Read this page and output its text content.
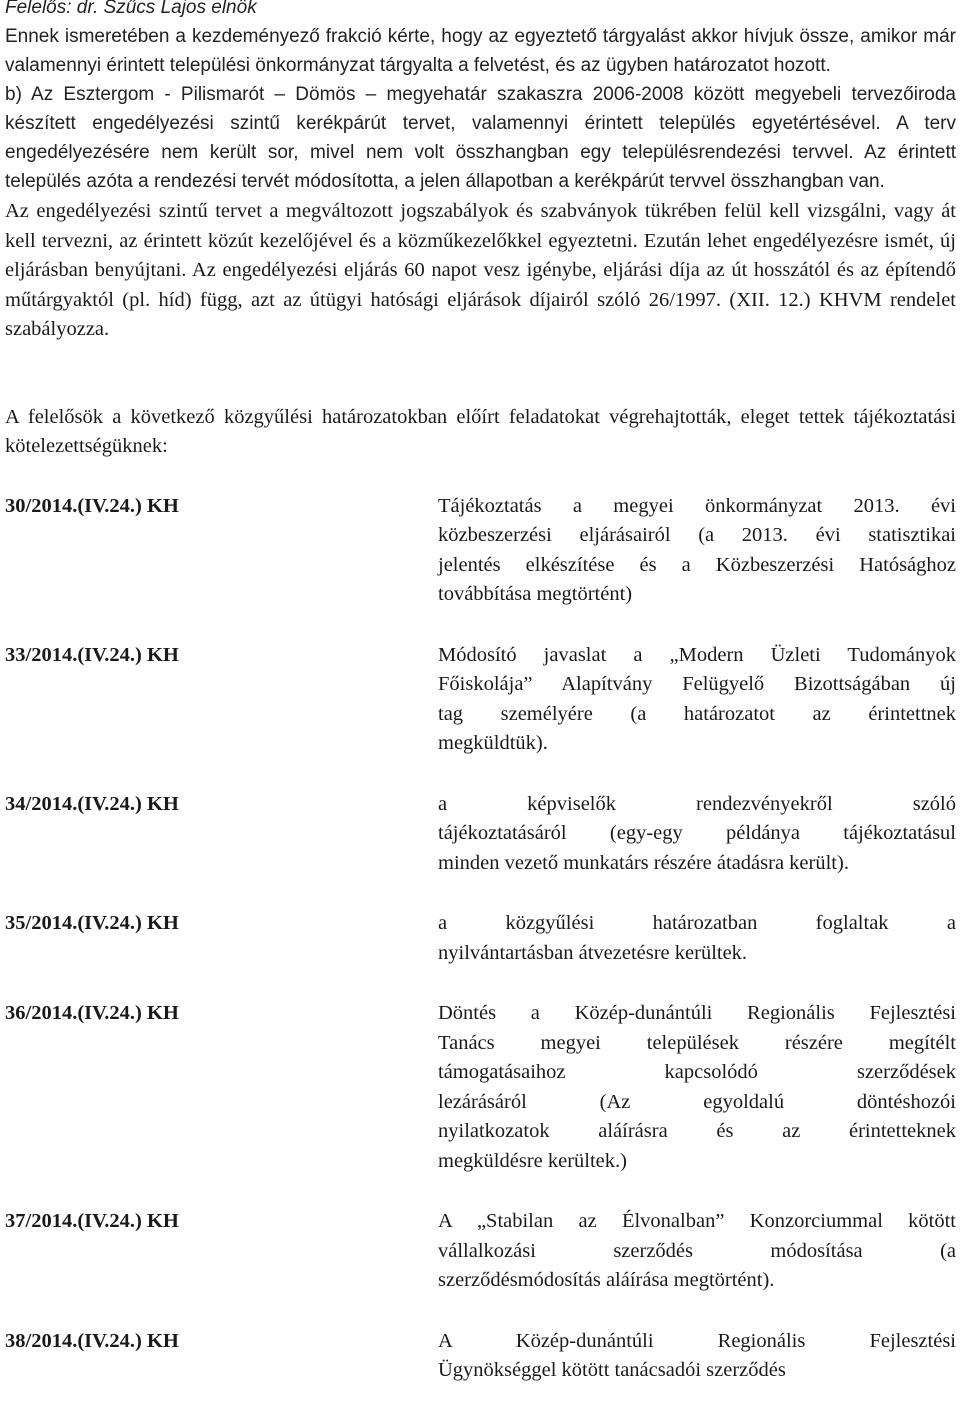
Felelős: dr. Szűcs Lajos elnök

Ennek ismeretében a kezdeményező frakció kérte, hogy az egyeztető tárgyalást akkor hívjuk össze, amikor már valamennyi érintett települési önkormányzat tárgyalta a felvetést, és az ügyben határozatot hozott.

b) Az Esztergom - Pilismarót – Dömös – megyehatár szakaszra 2006-2008 között megyebeli tervezőiroda készített engedélyezési szintű kerékpárút tervet, valamennyi érintett település egyetértésével. A terv engedélyezésére nem került sor, mivel nem volt összhangban egy településrendezési tervvel. Az érintett település azóta a rendezési tervét módosította, a jelen állapotban a kerékpárút tervvel összhangban van.

Az engedélyezési szintű tervet a megváltozott jogszabályok és szabványok tükrében felül kell vizsgálni, vagy át kell tervezni, az érintett közút kezelőjével és a közműkezelőkkel egyeztetni. Ezután lehet engedélyezésre ismét, új eljárásban benyújtani. Az engedélyezési eljárás 60 napot vesz igénybe, eljárási díja az út hosszától és az építendő műtárgyaktól (pl. híd) függ, azt az útügyi hatósági eljárások díjairól szóló 26/1997. (XII. 12.) KHVM rendelet szabályozza.

A felelősök a következő közgyűlési határozatokban előírt feladatokat végrehajtották, eleget tettek tájékoztatási kötelezettségüknek:

30/2014.(IV.24.) KH	Tájékoztatás a megyei önkormányzat 2013. évi
közbeszerzési eljárásairól (a 2013. évi statisztikai
jelentés elkészítése és a Közbeszerzési Hatósághoz
továbbítása megtörtént)
33/2014.(IV.24.) KH	Módosító javaslat a „Modern Üzleti Tudományok
Főiskolája” Alapítvány Felügyelő Bizottságában új
tag személyére (a határozatot az érintettnek
megküldtük).
34/2014.(IV.24.) KH	a képviselők rendezvényekről szóló
tájékoztatásáról (egy-egy példánya tájékoztatásul
minden vezető munkatárs részére átadásra került).
35/2014.(IV.24.) KH	a közgyűlési határozatban foglaltak a
nyilvántartásban átvezetésre kerültek.
36/2014.(IV.24.) KH	Döntés a Közép-dunántúli Regionális Fejlesztési
Tanács megyei települések részére megítélt
támogatásaihoz kapcsolódó szerződések
lezárásáról (Az egyoldalú döntéshozói
nyilatkozatok aláírásra és az érintetteknek
megküldésre kerültek.)
37/2014.(IV.24.) KH	A „Stabilan az Élvonalban” Konzorciummal kötött
vállalkozási szerződés módosítása (a
szerződésmódosítás aláírása megtörtént).
38/2014.(IV.24.) KH	A Közép-dunántúli Regionális Fejlesztési
Ügynökséggel kötött tanácsadói szerződés
